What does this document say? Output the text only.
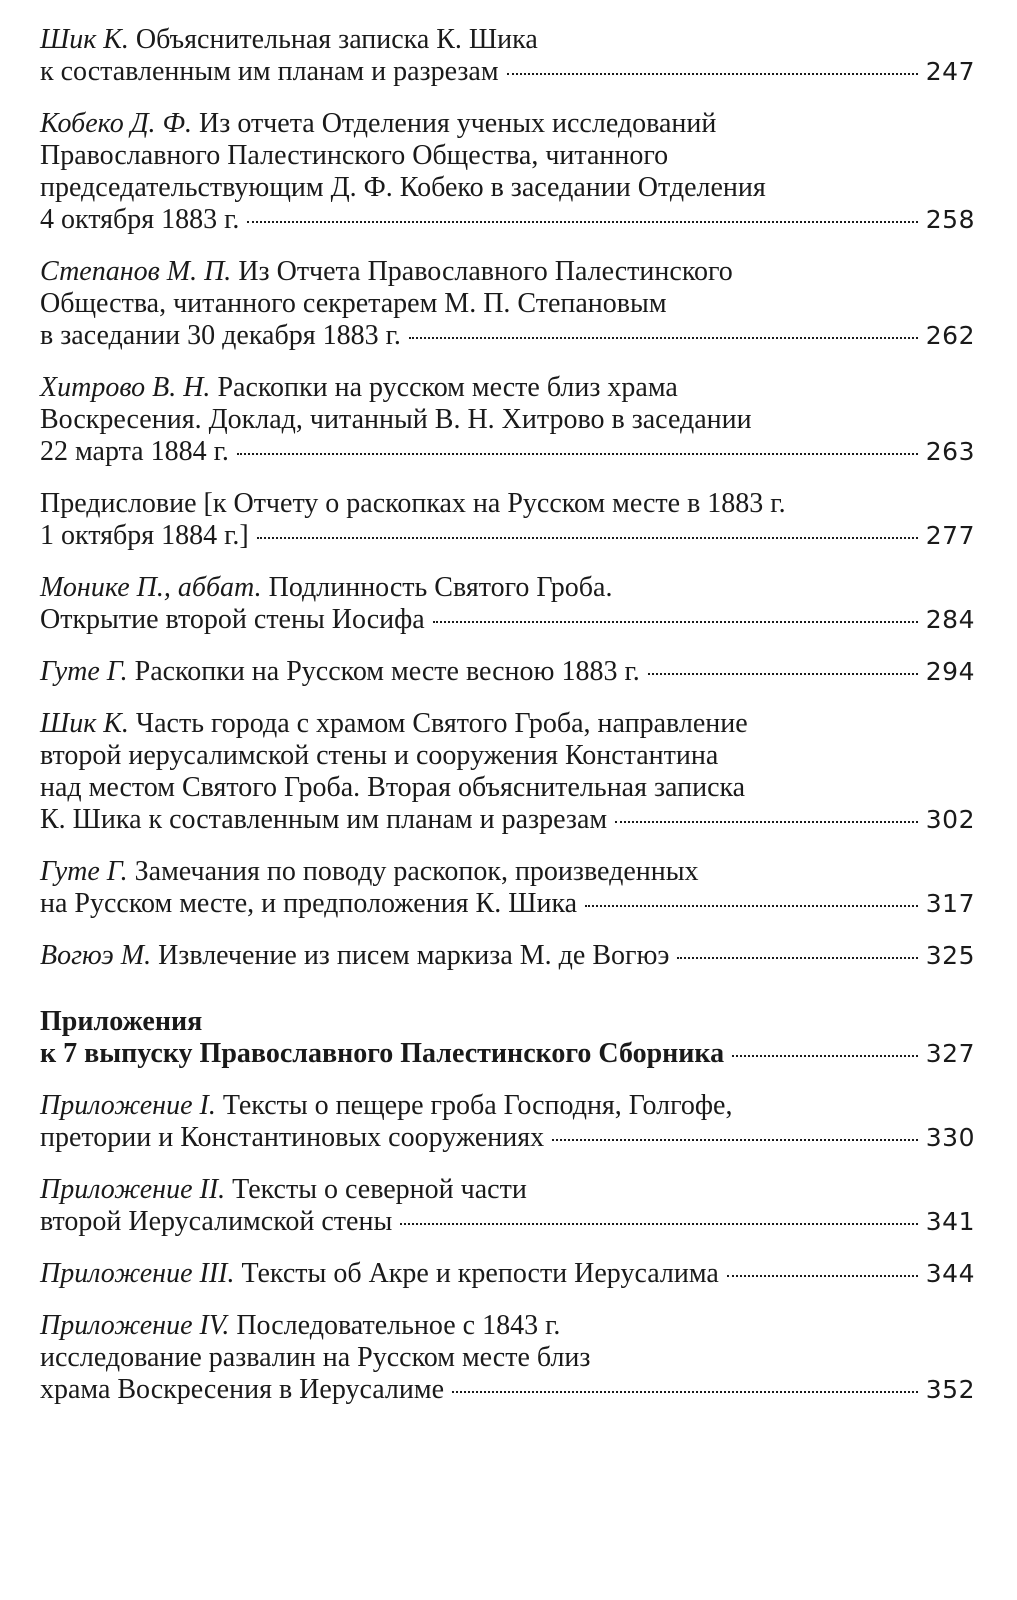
Шик К. Объяснительная записка К. Шика
к составленным им планам и разрезам	247
Кобеко Д. Ф. Из отчета Отделения ученых исследований
Православного Палестинского Общества, читанного
председательствующим Д. Ф. Кобеко в заседании Отделения
4 октября 1883 г.	258
Степанов М. П. Из Отчета Православного Палестинского
Общества, читанного секретарем М. П. Степановым
в заседании 30 декабря 1883 г.	262
Хитрово В. Н. Раскопки на русском месте близ храма
Воскресения. Доклад, читанный В. Н. Хитрово в заседании
22 марта 1884 г.	263
Предисловие [к Отчету о раскопках на Русском месте в 1883 г.
1 октября 1884 г.]	277
Монике П., аббат. Подлинность Святого Гроба.
Открытие второй стены Иосифа	284
Гуте Г. Раскопки на Русском месте весною 1883 г.	294
Шик К. Часть города с храмом Святого Гроба, направление
второй иерусалимской стены и сооружения Константина
над местом Святого Гроба. Вторая объяснительная записка
К. Шика к составленным им планам и разрезам	302
Гуте Г. Замечания по поводу раскопок, произведенных
на Русском месте, и предположения К. Шика	317
Вогюэ М. Извлечение из писем маркиза М. де Вогюэ	325
Приложения
к 7 выпуску Православного Палестинского Сборника	327
Приложение I. Тексты о пещере гроба Господня, Голгофе,
претории и Константиновых сооружениях	330
Приложение II. Тексты о северной части
второй Иерусалимской стены	341
Приложение III. Тексты об Акре и крепости Иерусалима	344
Приложение IV. Последовательное с 1843 г.
исследование развалин на Русском месте близ
храма Воскресения в Иерусалиме	352
